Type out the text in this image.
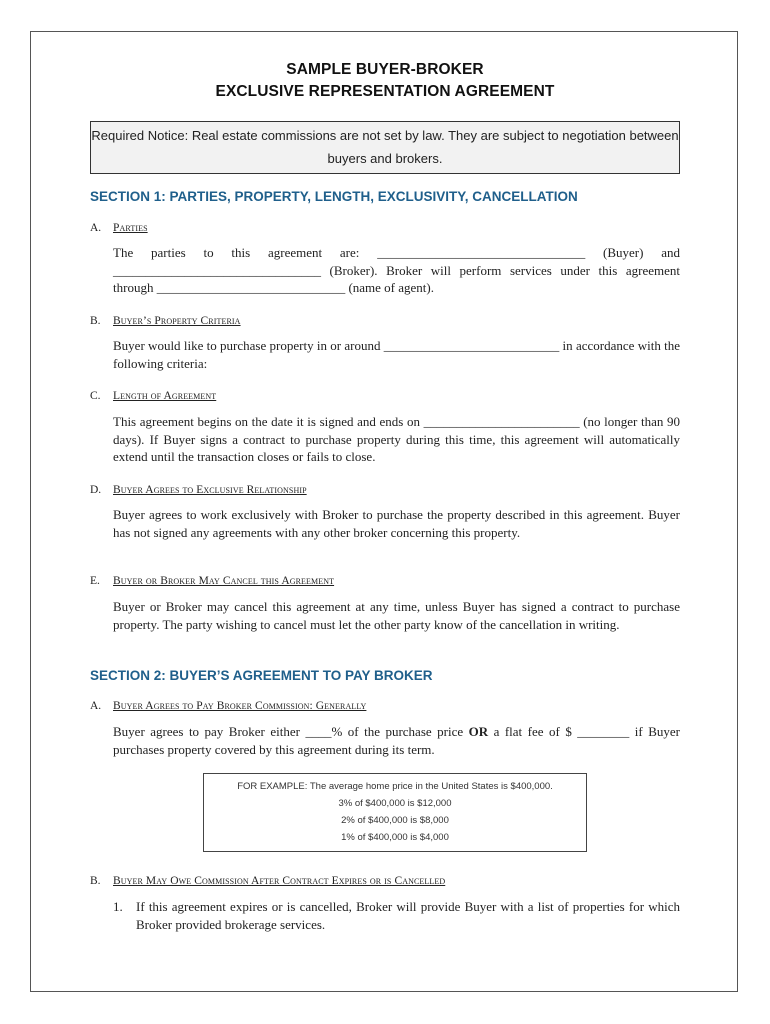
SAMPLE BUYER-BROKER
EXCLUSIVE REPRESENTATION AGREEMENT
Required Notice: Real estate commissions are not set by law. They are subject to negotiation between buyers and brokers.
SECTION 1: PARTIES, PROPERTY, LENGTH, EXCLUSIVITY, CANCELLATION
A. Parties
The parties to this agreement are: ________________________________ (Buyer) and ________________________________ (Broker). Broker will perform services under this agreement through _____________________________ (name of agent).
B. Buyer’s Property Criteria
Buyer would like to purchase property in or around ___________________________ in accordance with the following criteria:
C. Length of Agreement
This agreement begins on the date it is signed and ends on ________________________ (no longer than 90 days). If Buyer signs a contract to purchase property during this time, this agreement will automatically extend until the transaction closes or fails to close.
D. Buyer Agrees to Exclusive Relationship
Buyer agrees to work exclusively with Broker to purchase the property described in this agreement. Buyer has not signed any agreements with any other broker concerning this property.
E. Buyer or Broker May Cancel this Agreement
Buyer or Broker may cancel this agreement at any time, unless Buyer has signed a contract to purchase property. The party wishing to cancel must let the other party know of the cancellation in writing.
SECTION 2: BUYER’S AGREEMENT TO PAY BROKER
A. Buyer Agrees to Pay Broker Commission: Generally
Buyer agrees to pay Broker either ____% of the purchase price OR a flat fee of $ ________ if Buyer purchases property covered by this agreement during its term.
FOR EXAMPLE: The average home price in the United States is $400,000.
3% of $400,000 is $12,000
2% of $400,000 is $8,000
1% of $400,000 is $4,000
B. Buyer May Owe Commission After Contract Expires or is Cancelled
1. If this agreement expires or is cancelled, Broker will provide Buyer with a list of properties for which Broker provided brokerage services.
